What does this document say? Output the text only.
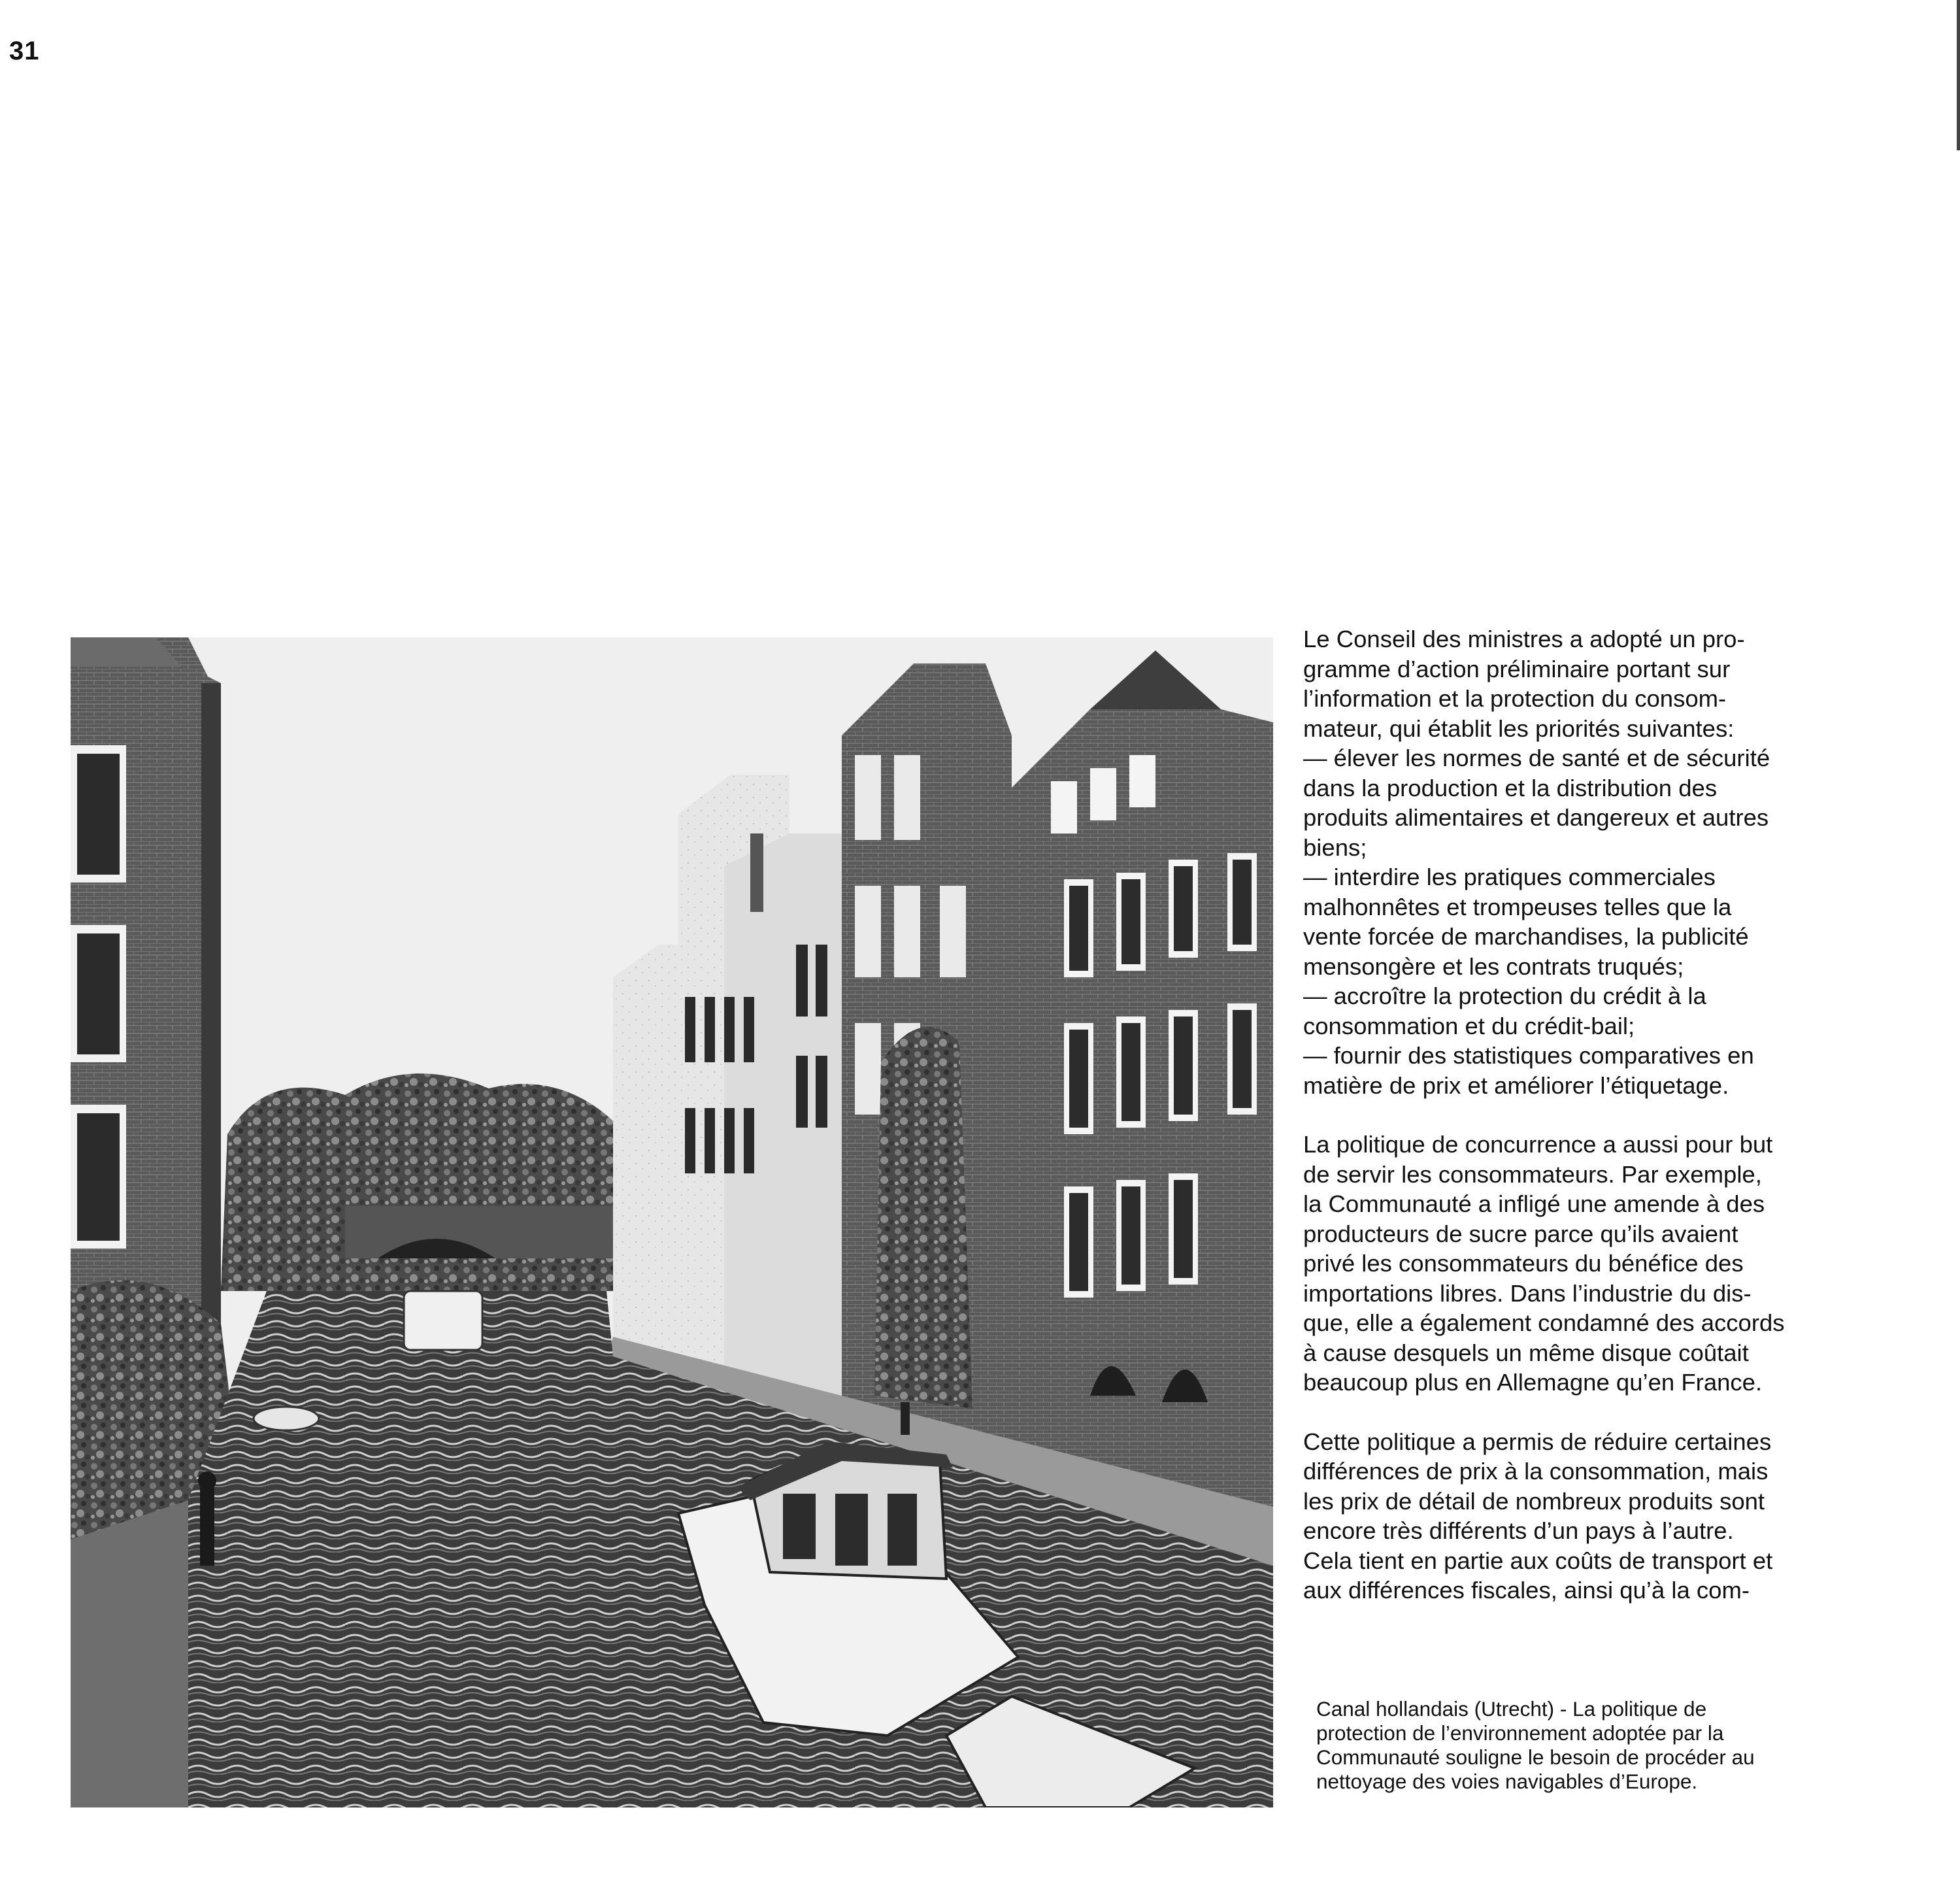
31

Le Conseil des ministres a adopté un pro-
gramme d’action préliminaire portant sur
l’information et la protection du consom-
mateur, qui établit les priorités suivantes:
— élever les normes de santé et de sécurité
dans la production et la distribution des
produits alimentaires et dangereux et autres
biens;
— interdire les pratiques commerciales
malhonnêtes et trompeuses telles que la
vente forcée de marchandises, la publicité
mensongère et les contrats truqués;
— accroître la protection du crédit à la
consommation et du crédit-bail;
— fournir des statistiques comparatives en
matière de prix et améliorer l’étiquetage.

La politique de concurrence a aussi pour but
de servir les consommateurs. Par exemple,
la Communauté a infligé une amende à des
producteurs de sucre parce qu’ils avaient
privé les consommateurs du bénéfice des
importations libres. Dans l’industrie du dis-
que, elle a également condamné des accords
à cause desquels un même disque coûtait
beaucoup plus en Allemagne qu’en France.

Cette politique a permis de réduire certaines
différences de prix à la consommation, mais
les prix de détail de nombreux produits sont
encore très différents d’un pays à l’autre.
Cela tient en partie aux coûts de transport et
aux différences fiscales, ainsi qu’à la com-

Canal hollandais (Utrecht) - La politique de
protection de l’environnement adoptée par la
Communauté souligne le besoin de procéder au
nettoyage des voies navigables d’Europe.
